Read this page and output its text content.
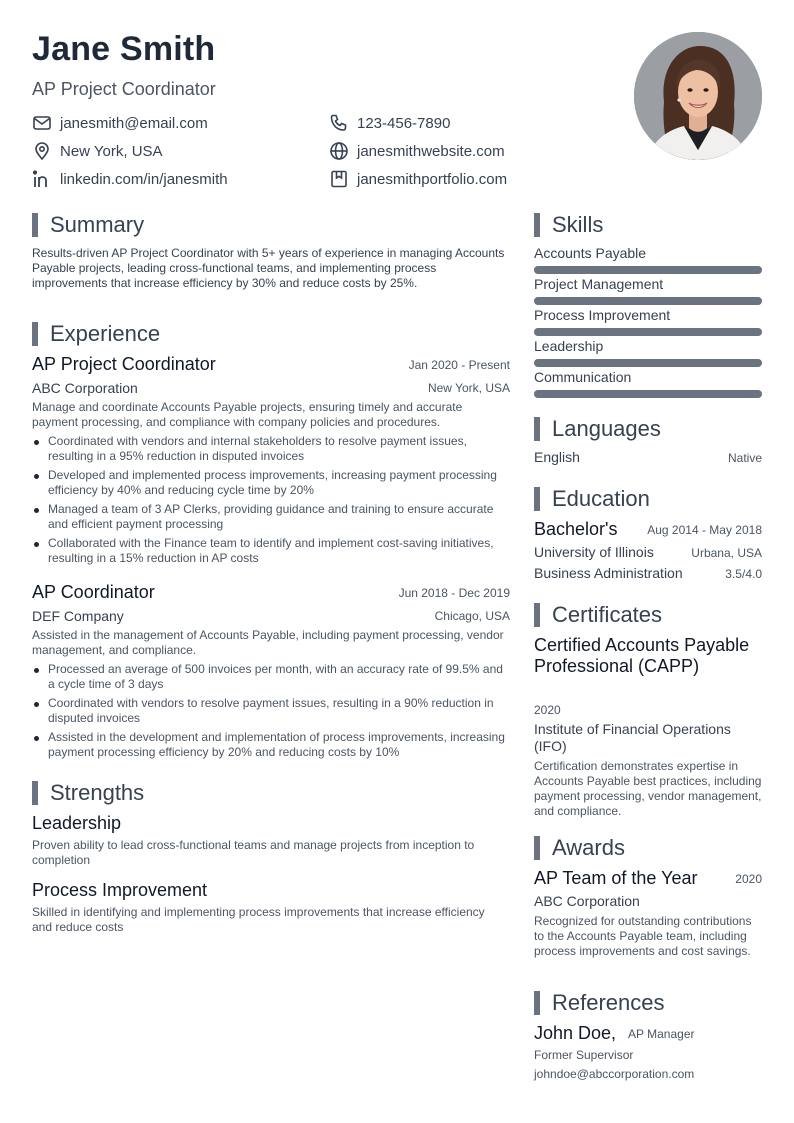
Jane Smith
AP Project Coordinator
janesmith@email.com	123-456-7890
New York, USA	janesmithwebsite.com
linkedin.com/in/janesmith	janesmithportfolio.com
Summary
Results-driven AP Project Coordinator with 5+ years of experience in managing Accounts Payable projects, leading cross-functional teams, and implementing process improvements that increase efficiency by 30% and reduce costs by 25%.
Experience
AP Project Coordinator	Jan 2020 - Present
ABC Corporation	New York, USA
Manage and coordinate Accounts Payable projects, ensuring timely and accurate payment processing, and compliance with company policies and procedures.
Coordinated with vendors and internal stakeholders to resolve payment issues, resulting in a 95% reduction in disputed invoices
Developed and implemented process improvements, increasing payment processing efficiency by 40% and reducing cycle time by 20%
Managed a team of 3 AP Clerks, providing guidance and training to ensure accurate and efficient payment processing
Collaborated with the Finance team to identify and implement cost-saving initiatives, resulting in a 15% reduction in AP costs
AP Coordinator	Jun 2018 - Dec 2019
DEF Company	Chicago, USA
Assisted in the management of Accounts Payable, including payment processing, vendor management, and compliance.
Processed an average of 500 invoices per month, with an accuracy rate of 99.5% and a cycle time of 3 days
Coordinated with vendors to resolve payment issues, resulting in a 90% reduction in disputed invoices
Assisted in the development and implementation of process improvements, increasing payment processing efficiency by 20% and reducing costs by 10%
Strengths
Leadership
Proven ability to lead cross-functional teams and manage projects from inception to completion
Process Improvement
Skilled in identifying and implementing process improvements that increase efficiency and reduce costs
Skills
Accounts Payable
Project Management
Process Improvement
Leadership
Communication
Languages
English	Native
Education
Bachelor's Aug 2014 - May 2018
University of Illinois	Urbana, USA
Business Administration	3.5/4.0
Certificates
Certified Accounts Payable Professional (CAPP)
2020
Institute of Financial Operations (IFO)
Certification demonstrates expertise in Accounts Payable best practices, including payment processing, vendor management, and compliance.
Awards
AP Team of the Year	2020
ABC Corporation
Recognized for outstanding contributions to the Accounts Payable team, including process improvements and cost savings.
References
John Doe, AP Manager
Former Supervisor
johndoe@abccorporation.com
